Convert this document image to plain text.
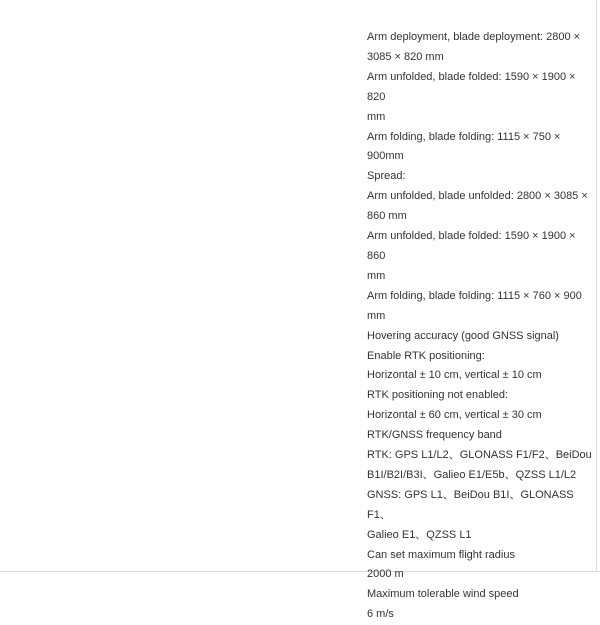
Arm deployment, blade deployment: 2800 ×
3085 × 820 mm
Arm unfolded, blade folded: 1590 × 1900 × 820
mm
Arm folding, blade folding: 1115 × 750 ×
900mm
Spread:
Arm unfolded, blade unfolded: 2800 × 3085 ×
860 mm
Arm unfolded, blade folded: 1590 × 1900 × 860
mm
Arm folding, blade folding: 1115 × 760 × 900
mm
Hovering accuracy (good GNSS signal)
Enable RTK positioning:
Horizontal ± 10 cm, vertical ± 10 cm
RTK positioning not enabled:
Horizontal ± 60 cm, vertical ± 30 cm
RTK/GNSS frequency band
RTK: GPS L1/L2、GLONASS F1/F2、BeiDou
B1I/B2I/B3I、Galieo E1/E5b、QZSS L1/L2
GNSS: GPS L1、BeiDou B1I、GLONASS F1、
Galieo E1、QZSS L1
Can set maximum flight radius
2000 m
Maximum tolerable wind speed
6 m/s
